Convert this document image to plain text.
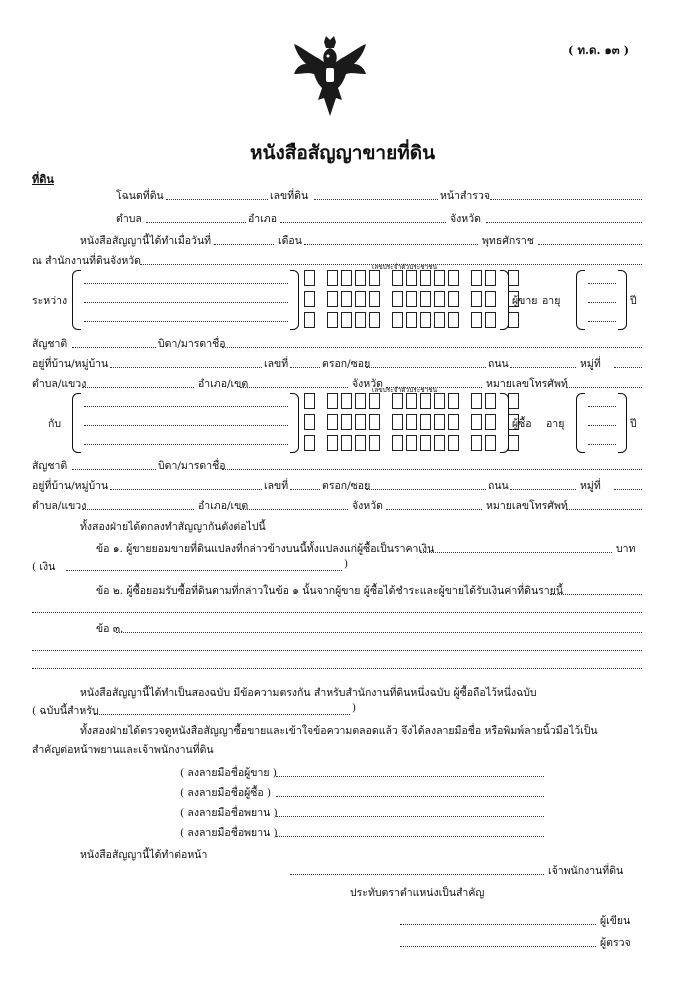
( ท.ด. ๑๓ )
หนังสือสัญญาขายที่ดิน
ที่ดิน
โฉนดที่ดิน	เลขที่ดิน	หน้าสำรวจ
ตำบล	อำเภอ	จังหวัด
หนังสือสัญญานี้ได้ทำเมื่อวันที่	เดือน	พุทธศักราช
ณ สำนักงานที่ดินจังหวัด
ระหว่าง
เลขประจำตัวประชาชน
ผู้ขาย อายุ	ปี
สัญชาติ	บิดา/มารดาชื่อ
อยู่ที่บ้าน/หมู่บ้าน	เลขที่	ตรอก/ซอย	ถนน	หมู่ที่
ตำบล/แขวง	อำเภอ/เขต	จังหวัด	หมายเลขโทรศัพท์
กับ
เลขประจำตัวประชาชน
ผู้ซื้อ อายุ	ปี
สัญชาติ	บิดา/มารดาชื่อ
อยู่ที่บ้าน/หมู่บ้าน	เลขที่	ตรอก/ซอย	ถนน	หมู่ที่
ตำบล/แขวง	อำเภอ/เขต	จังหวัด	หมายเลขโทรศัพท์
ทั้งสองฝ่ายได้ตกลงทำสัญญากันดังต่อไปนี้
ข้อ ๑. ผู้ขายยอมขายที่ดินแปลงที่กล่าวข้างบนนี้ทั้งแปลงแก่ผู้ซื้อเป็นราคาเงิน	บาท
( เงิน	)
ข้อ ๒. ผู้ซื้อยอมรับซื้อที่ดินตามที่กล่าวในข้อ ๑ นั้นจากผู้ขาย ผู้ซื้อได้ชำระและผู้ขายได้รับเงินค่าที่ดินรายนี้
ข้อ ๓.
หนังสือสัญญานี้ได้ทำเป็นสองฉบับ มีข้อความตรงกัน สำหรับสำนักงานที่ดินหนึ่งฉบับ ผู้ซื้อถือไว้หนึ่งฉบับ
( ฉบับนี้สำหรับ	)
ทั้งสองฝ่ายได้ตรวจดูหนังสือสัญญาซื้อขายและเข้าใจข้อความตลอดแล้ว จึงได้ลงลายมือชื่อ หรือพิมพ์ลายนิ้วมือไว้เป็น
สำคัญต่อหน้าพยานและเจ้าพนักงานที่ดิน
( ลงลายมือชื่อผู้ขาย )
( ลงลายมือชื่อผู้ซื้อ )
( ลงลายมือชื่อพยาน )
( ลงลายมือชื่อพยาน )
หนังสือสัญญานี้ได้ทำต่อหน้า
เจ้าพนักงานที่ดิน
ประทับตราตำแหน่งเป็นสำคัญ
ผู้เขียน
ผู้ตรวจ
